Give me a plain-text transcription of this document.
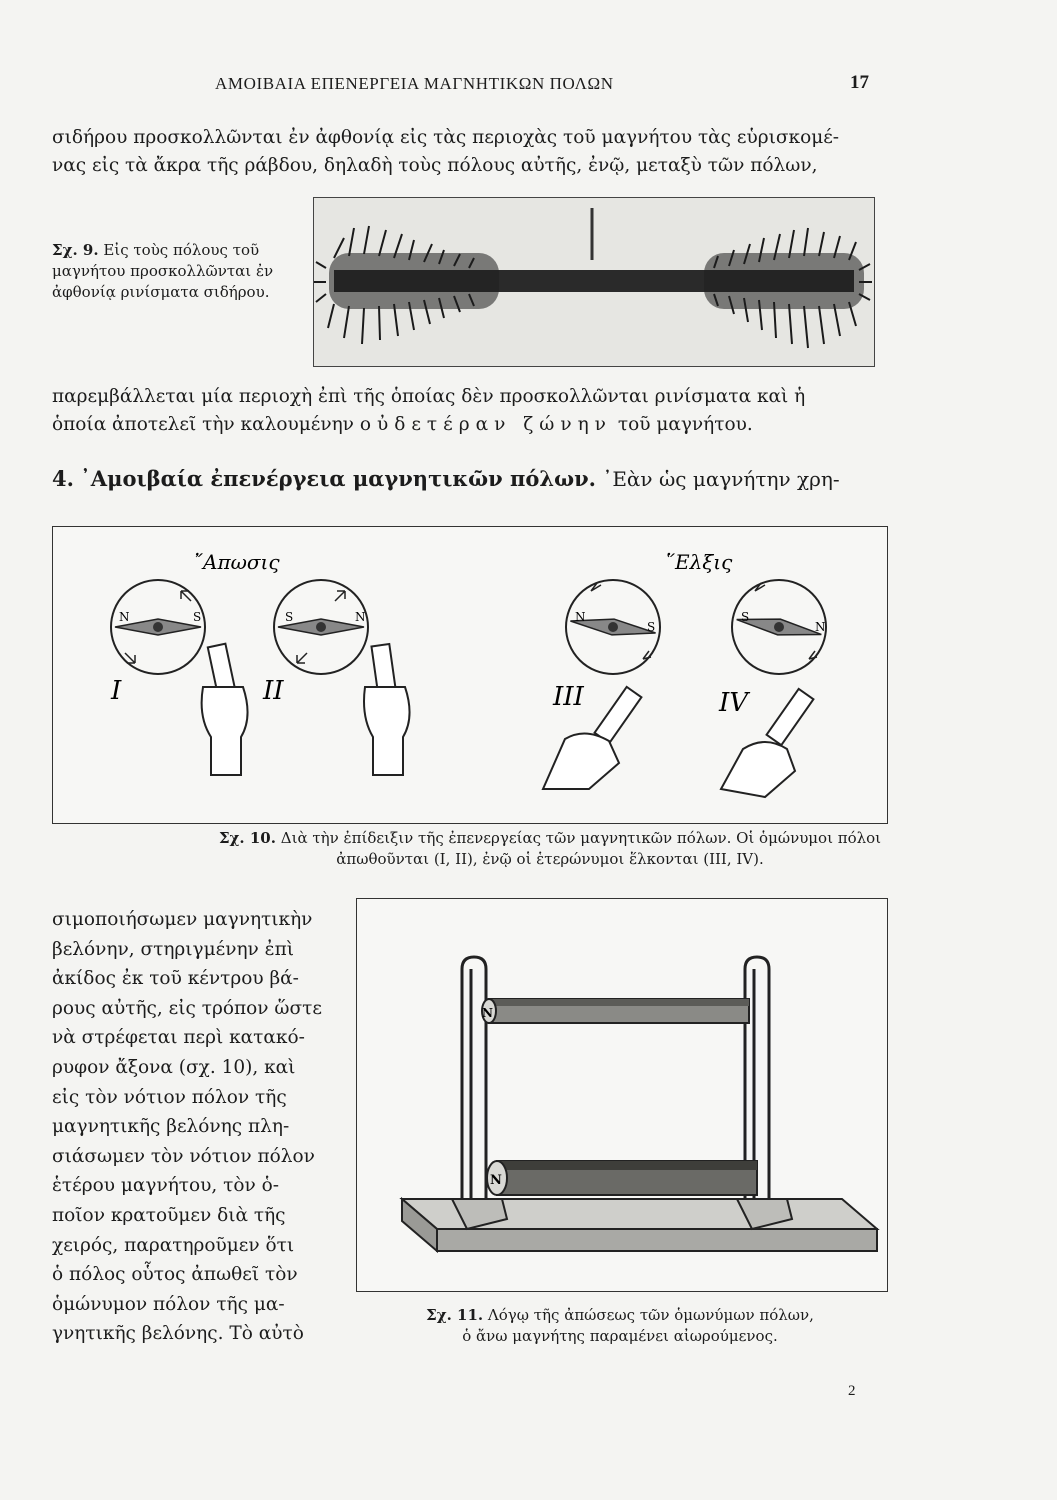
ΑΜΟΙΒΑΙΑ ΕΠΕΝΕΡΓΕΙΑ ΜΑΓΝΗΤΙΚΩΝ ΠΟΛΩΝ	17
σιδήρου προσκολλῶνται ἐν ἀφθονίᾳ εἰς τὰς περιοχὰς τοῦ μαγνήτου τὰς εὑρισκομέ-
νας εἰς τὰ ἄκρα τῆς ράβδου, δηλαδὴ τοὺς πόλους αὐτῆς, ἐνῷ, μεταξὺ τῶν πόλων,
Σχ. 9. Εἰς τοὺς πόλους τοῦ
μαγνήτου προσκολλῶνται ἐν
ἀφθονίᾳ ρινίσματα σιδήρου.
παρεμβάλλεται μία περιοχὴ ἐπὶ τῆς ὁποίας δὲν προσκολλῶνται ρινίσματα καὶ ἡ
ὁποία ἀποτελεῖ τὴν καλουμένην οὐδετέραν ζώνην τοῦ μαγνήτου.
4. ᾿Αμοιβαία ἐπενέργεια μαγνητικῶν πόλων. ᾿Εὰν ὡς μαγνήτην χρη-
῎Απωσις	῞Ελξις
N	S	S	N	N
S
S
N
I	II	III	IV
Σχ. 10. Διὰ τὴν ἐπίδειξιν τῆς ἐπενεργείας τῶν μαγνητικῶν πόλων. Οἱ ὁμώνυμοι πόλοι
ἀπωθοῦνται (I, II), ἐνῷ οἱ ἑτερώνυμοι ἕλκονται (III, IV).
σιμοποιήσωμεν μαγνητικὴν
βελόνην, στηριγμένην ἐπὶ
ἀκίδος ἐκ τοῦ κέντρου βά-
ρους αὐτῆς, εἰς τρόπον ὥστε
νὰ στρέφεται περὶ κατακό-
ρυφον ἄξονα (σχ. 10), καὶ
εἰς τὸν νότιον πόλον τῆς
μαγνητικῆς βελόνης πλη-
σιάσωμεν τὸν νότιον πόλον
ἑτέρου μαγνήτου, τὸν ὁ-
ποῖον κρατοῦμεν διὰ τῆς
χειρός, παρατηροῦμεν ὅτι
ὁ πόλος οὗτος ἀπωθεῖ τὸν
ὁμώνυμον πόλον τῆς μα-
γνητικῆς βελόνης. Τὸ αὐτὸ
N
N
Σχ. 11. Λόγῳ τῆς ἀπώσεως τῶν ὁμωνύμων πόλων,
ὁ ἄνω μαγνήτης παραμένει αἰωρούμενος.
2
